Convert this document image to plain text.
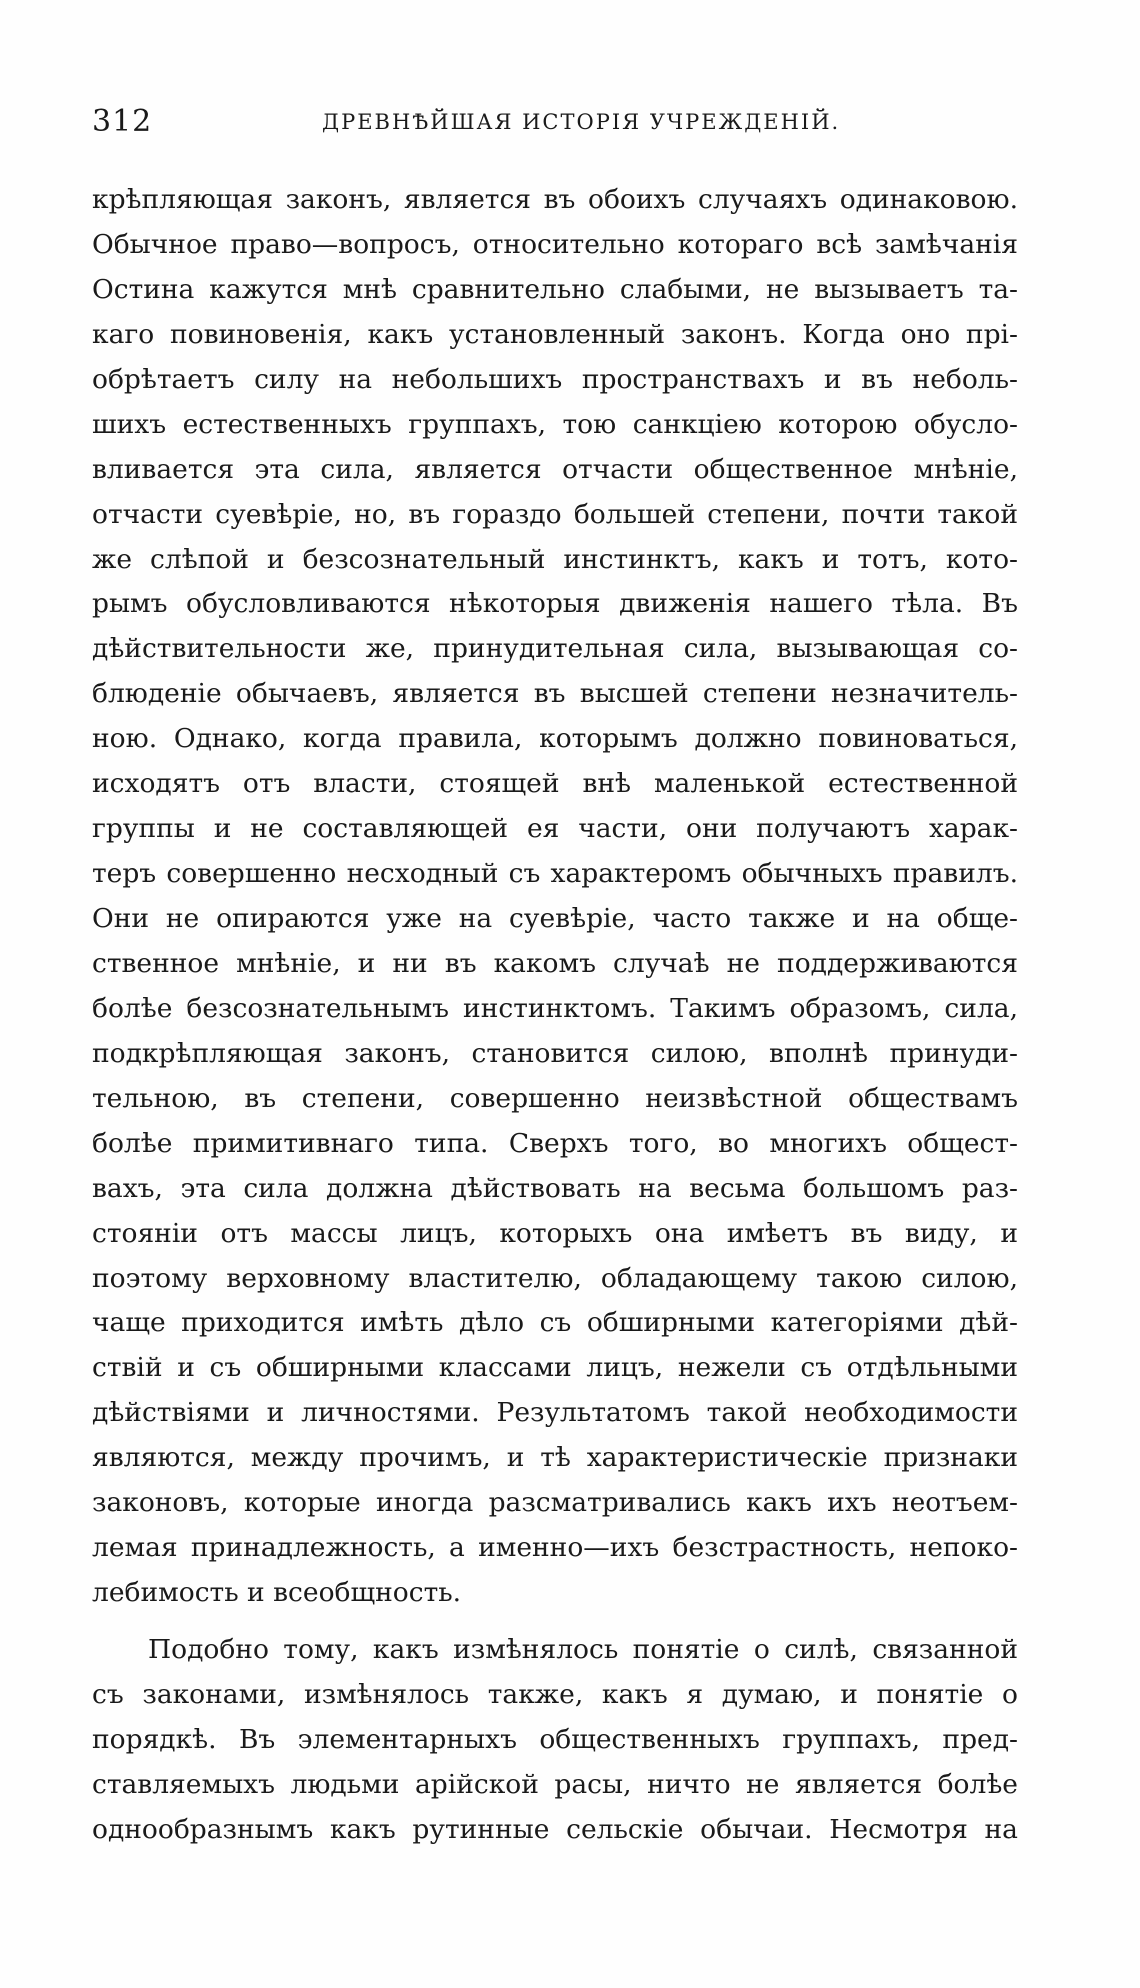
312	ДРЕВНѢЙШАЯ ИСТОРІЯ УЧРЕЖДЕНІЙ.
крѣпляющая законъ, является въ обоихъ случаяхъ одинаковою.
Обычное право—вопросъ, относительно котораго всѣ замѣчанія
Остина кажутся мнѣ сравнительно слабыми, не вызываетъ та-
каго повиновенія, какъ установленный законъ. Когда оно прі-
обрѣтаетъ силу на небольшихъ пространствахъ и въ неболь-
шихъ естественныхъ группахъ, тою санкціею которою обусло-
вливается эта сила, является отчасти общественное мнѣніе,
отчасти суевѣріе, но, въ гораздо большей степени, почти такой
же слѣпой и безсознательный инстинктъ, какъ и тотъ, кото-
рымъ обусловливаются нѣкоторыя движенія нашего тѣла. Въ
дѣйствительности же, принудительная сила, вызывающая со-
блюденіе обычаевъ, является въ высшей степени незначитель-
ною. Однако, когда правила, которымъ должно повиноваться,
исходятъ отъ власти, стоящей внѣ маленькой естественной
группы и не составляющей ея части, они получаютъ харак-
теръ совершенно несходный съ характеромъ обычныхъ правилъ.
Они не опираются уже на суевѣріе, часто также и на обще-
ственное мнѣніе, и ни въ какомъ случаѣ не поддерживаются
болѣе безсознательнымъ инстинктомъ. Такимъ образомъ, сила,
подкрѣпляющая законъ, становится силою, вполнѣ принуди-
тельною, въ степени, совершенно неизвѣстной обществамъ
болѣе примитивнаго типа. Сверхъ того, во многихъ общест-
вахъ, эта сила должна дѣйствовать на весьма большомъ раз-
стояніи отъ массы лицъ, которыхъ она имѣетъ въ виду, и
поэтому верховному властителю, обладающему такою силою,
чаще приходится имѣть дѣло съ обширными категоріями дѣй-
ствій и съ обширными классами лицъ, нежели съ отдѣльными
дѣйствіями и личностями. Результатомъ такой необходимости
являются, между прочимъ, и тѣ характеристическіе признаки
законовъ, которые иногда разсматривались какъ ихъ неотъем-
лемая принадлежность, а именно—ихъ безстрастность, непоко-
лебимость и всеобщность.
Подобно тому, какъ измѣнялось понятіе о силѣ, связанной
съ законами, измѣнялось также, какъ я думаю, и понятіе о
порядкѣ. Въ элементарныхъ общественныхъ группахъ, пред-
ставляемыхъ людьми арійской расы, ничто не является болѣе
однообразнымъ какъ рутинные сельскіе обычаи. Несмотря на
